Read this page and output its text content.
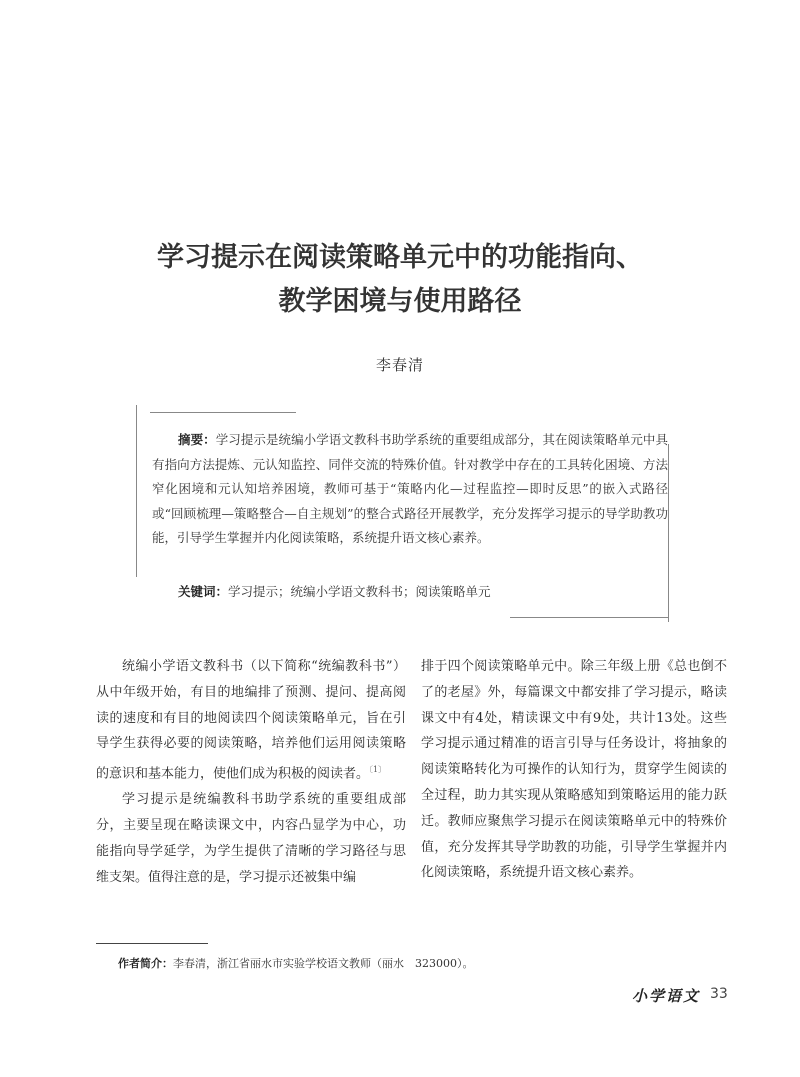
学习提示在阅读策略单元中的功能指向、
教学困境与使用路径
李春清
摘要：学习提示是统编小学语文教科书助学系统的重要组成部分，其在阅读策略单元中具有指向方法提炼、元认知监控、同伴交流的特殊价值。针对教学中存在的工具转化困境、方法窄化困境和元认知培养困境，教师可基于“策略内化—过程监控—即时反思”的嵌入式路径或“回顾梳理—策略整合—自主规划”的整合式路径开展教学，充分发挥学习提示的导学助教功能，引导学生掌握并内化阅读策略，系统提升语文核心素养。
关键词：学习提示；统编小学语文教科书；阅读策略单元

统编小学语文教科书（以下简称“统编教科书”）从中年级开始，有目的地编排了预测、提问、提高阅读的速度和有目的地阅读四个阅读策略单元，旨在引导学生获得必要的阅读策略，培养他们运用阅读策略的意识和基本能力，使他们成为积极的阅读者。$^{〔1〕}$

学习提示是统编教科书助学系统的重要组成部分，主要呈现在略读课文中，内容凸显学为中心，功能指向导学延学，为学生提供了清晰的学习路径与思维支架。值得注意的是，学习提示还被集中编

排于四个阅读策略单元中。除三年级上册《总也倒不了的老屋》外，每篇课文中都安排了学习提示，略读课文中有4处，精读课文中有9处，共计13处。这些学习提示通过精准的语言引导与任务设计，将抽象的阅读策略转化为可操作的认知行为，贯穿学生阅读的全过程，助力其实现从策略感知到策略运用的能力跃迁。教师应聚焦学习提示在阅读策略单元中的特殊价值，充分发挥其导学助教的功能，引导学生掌握并内化阅读策略，系统提升语文核心素养。

作者简介：李春清，浙江省丽水市实验学校语文教师（丽水　323000）。
小学语文 33
